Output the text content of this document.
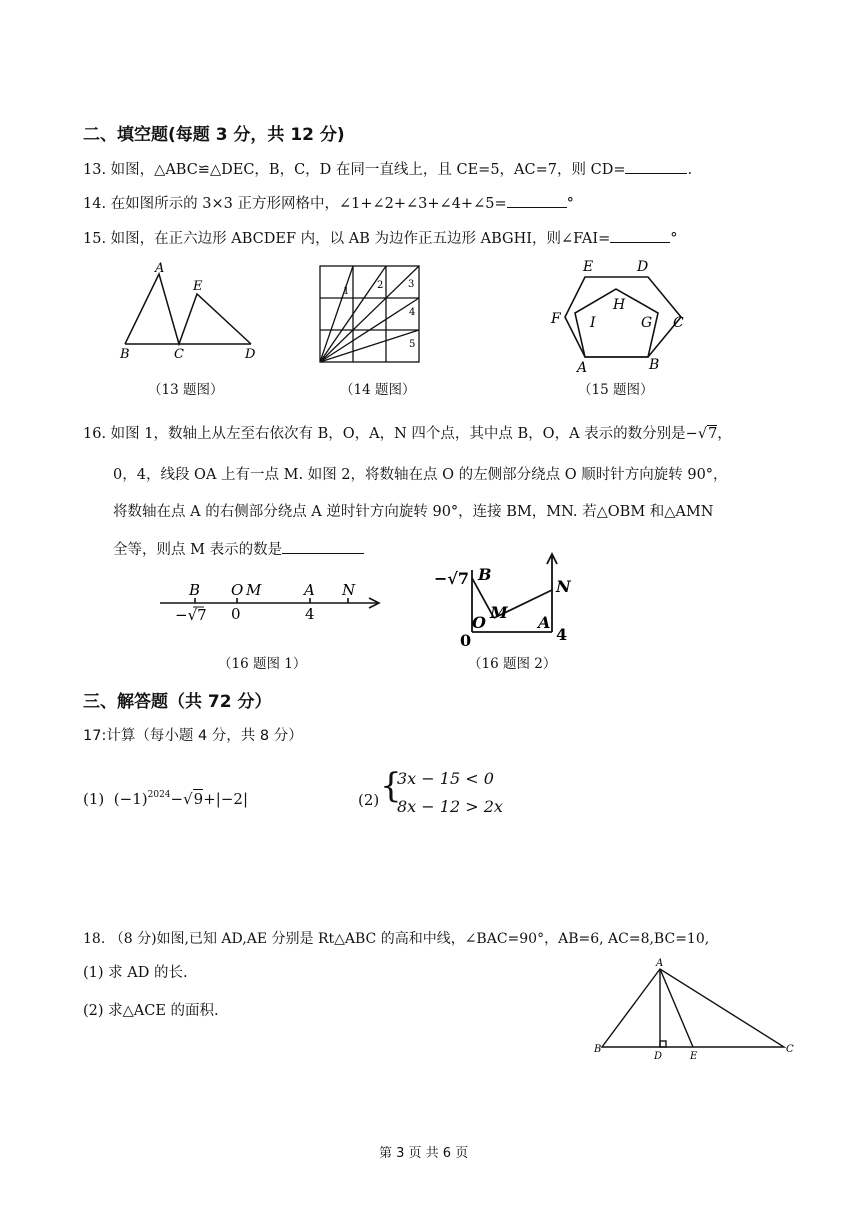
二、填空题(每题 3 分，共 12 分)
13. 如图，△ABC≌△DEC，B，C，D 在同一直线上，且 CE=5，AC=7，则 CD=	.
14. 在如图所示的 3×3 正方形网格中，∠1+∠2+∠3+∠4+∠5=	°
15. 如图，在正六边形 ABCDEF 内，以 AB 为边作正五边形 ABGHI，则∠FAI=	°
A
B	C	D
E
（13 题图）
1
2 3
4
5
（14 题图）
A	B
C
D
E
F	G
H
I
（15 题图）
16. 如图 1，数轴上从左至右依次有 B，O，A，N 四个点，其中点 B，O，A 表示的数分别是−√7，
0，4，线段 OA 上有一点 M. 如图 2，将数轴在点 O 的左侧部分绕点 O 顺时针方向旋转 90°，
将数轴在点 A 的右侧部分绕点 A 逆时针方向旋转 90°，连接 BM，MN. 若△OBM 和△AMN
全等，则点 M 表示的数是
B O M	A N
−√7 0	4
（16 题图 1）
B
O
M
A
N
−√7
0	4
（16 题图 2）
三、解答题（共 72 分）
17:计算（每小题 4 分，共 8 分）
(1) $(-1)^{2024}-√9+|-2|$	(2) {
3x − 15 < 0
8x − 12 > 2x
18. （8 分)如图,已知 AD,AE 分别是 Rt△ABC 的高和中线，∠BAC=90°，AB=6, AC=8,BC=10,
(1) 求 AD 的长.
(2) 求△ACE 的面积.
A
B	C
D	E
第 3 页 共 6 页
